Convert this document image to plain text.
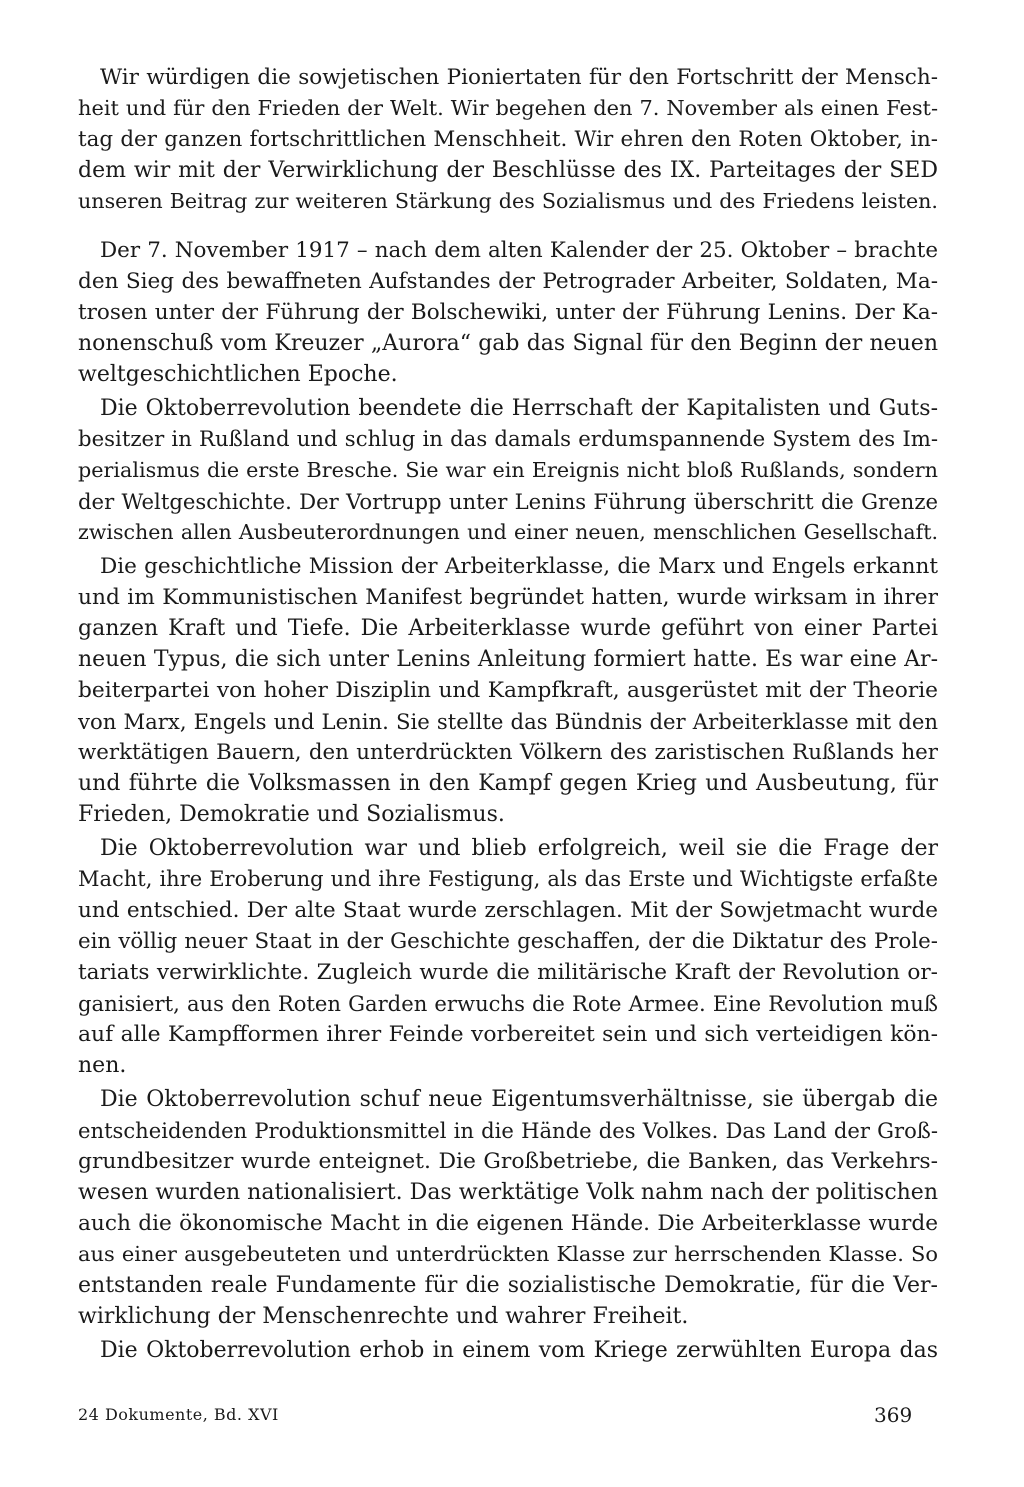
Wir würdigen die sowjetischen Pioniertaten für den Fortschritt der Mensch-
heit und für den Frieden der Welt. Wir begehen den 7. November als einen Fest-
tag der ganzen fortschrittlichen Menschheit. Wir ehren den Roten Oktober, in-
dem wir mit der Verwirklichung der Beschlüsse des IX. Parteitages der SED
unseren Beitrag zur weiteren Stärkung des Sozialismus und des Friedens leisten.
Der 7. November 1917 – nach dem alten Kalender der 25. Oktober – brachte
den Sieg des bewaffneten Aufstandes der Petrograder Arbeiter, Soldaten, Ma-
trosen unter der Führung der Bolschewiki, unter der Führung Lenins. Der Ka-
nonenschuß vom Kreuzer „Aurora“ gab das Signal für den Beginn der neuen
weltgeschichtlichen Epoche.
Die Oktoberrevolution beendete die Herrschaft der Kapitalisten und Guts-
besitzer in Rußland und schlug in das damals erdumspannende System des Im-
perialismus die erste Bresche. Sie war ein Ereignis nicht bloß Rußlands, sondern
der Weltgeschichte. Der Vortrupp unter Lenins Führung überschritt die Grenze
zwischen allen Ausbeuterordnungen und einer neuen, menschlichen Gesellschaft.
Die geschichtliche Mission der Arbeiterklasse, die Marx und Engels erkannt
und im Kommunistischen Manifest begründet hatten, wurde wirksam in ihrer
ganzen Kraft und Tiefe. Die Arbeiterklasse wurde geführt von einer Partei
neuen Typus, die sich unter Lenins Anleitung formiert hatte. Es war eine Ar-
beiterpartei von hoher Disziplin und Kampfkraft, ausgerüstet mit der Theorie
von Marx, Engels und Lenin. Sie stellte das Bündnis der Arbeiterklasse mit den
werktätigen Bauern, den unterdrückten Völkern des zaristischen Rußlands her
und führte die Volksmassen in den Kampf gegen Krieg und Ausbeutung, für
Frieden, Demokratie und Sozialismus.
Die Oktoberrevolution war und blieb erfolgreich, weil sie die Frage der
Macht, ihre Eroberung und ihre Festigung, als das Erste und Wichtigste erfaßte
und entschied. Der alte Staat wurde zerschlagen. Mit der Sowjetmacht wurde
ein völlig neuer Staat in der Geschichte geschaffen, der die Diktatur des Prole-
tariats verwirklichte. Zugleich wurde die militärische Kraft der Revolution or-
ganisiert, aus den Roten Garden erwuchs die Rote Armee. Eine Revolution muß
auf alle Kampfformen ihrer Feinde vorbereitet sein und sich verteidigen kön-
nen.
Die Oktoberrevolution schuf neue Eigentumsverhältnisse, sie übergab die
entscheidenden Produktionsmittel in die Hände des Volkes. Das Land der Groß-
grundbesitzer wurde enteignet. Die Großbetriebe, die Banken, das Verkehrs-
wesen wurden nationalisiert. Das werktätige Volk nahm nach der politischen
auch die ökonomische Macht in die eigenen Hände. Die Arbeiterklasse wurde
aus einer ausgebeuteten und unterdrückten Klasse zur herrschenden Klasse. So
entstanden reale Fundamente für die sozialistische Demokratie, für die Ver-
wirklichung der Menschenrechte und wahrer Freiheit.
Die Oktoberrevolution erhob in einem vom Kriege zerwühlten Europa das
24 Dokumente, Bd. XVI	369
